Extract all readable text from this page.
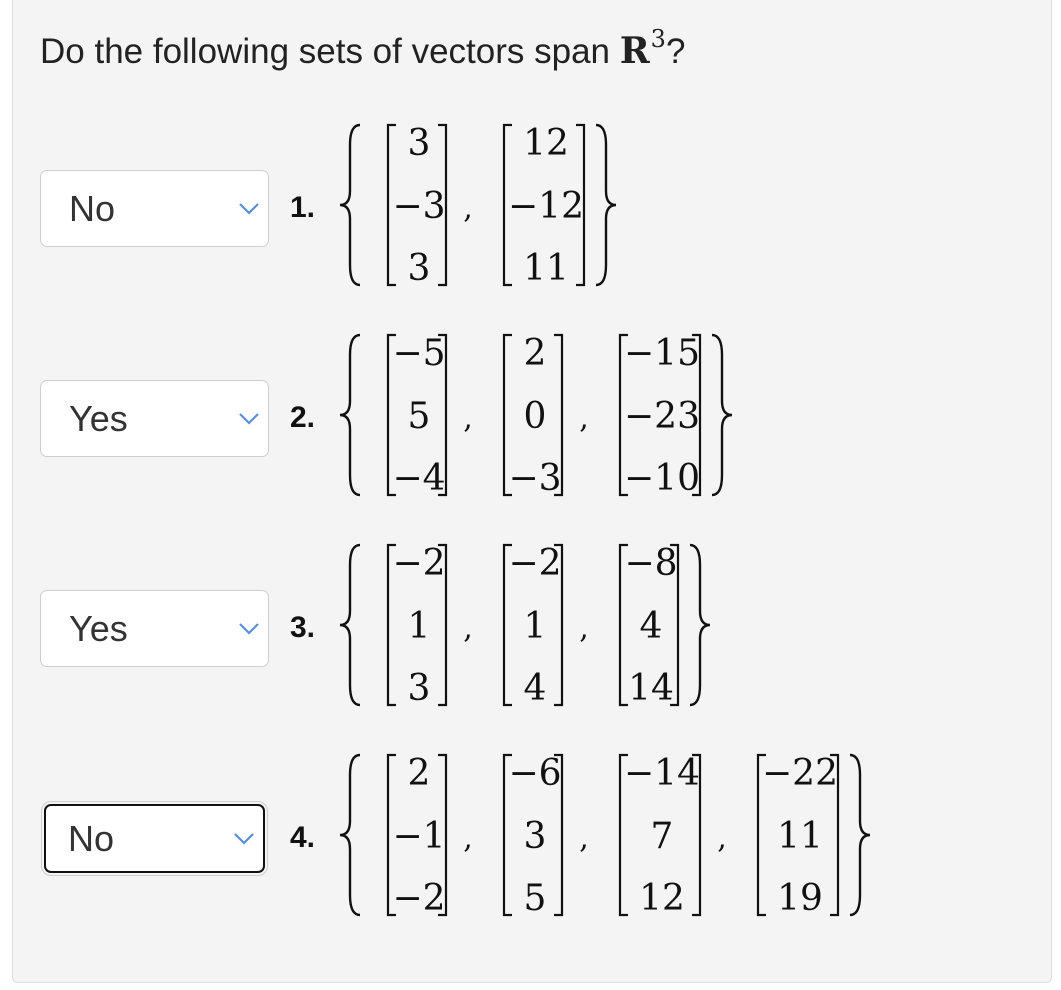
Do the following sets of vectors span $R^3$?
No	1.
3
−3
3
,
12
−12
11
Yes	2.
−5
5
−4
,
2
0
−3
,
−15
−23
−10
Yes	3.
−2
1
3
,
−2
1
4
,
−8
4
14
No	4.
2
−1
−2
,
−6
3
5
,
−14
7
12
,
−22
11
19
